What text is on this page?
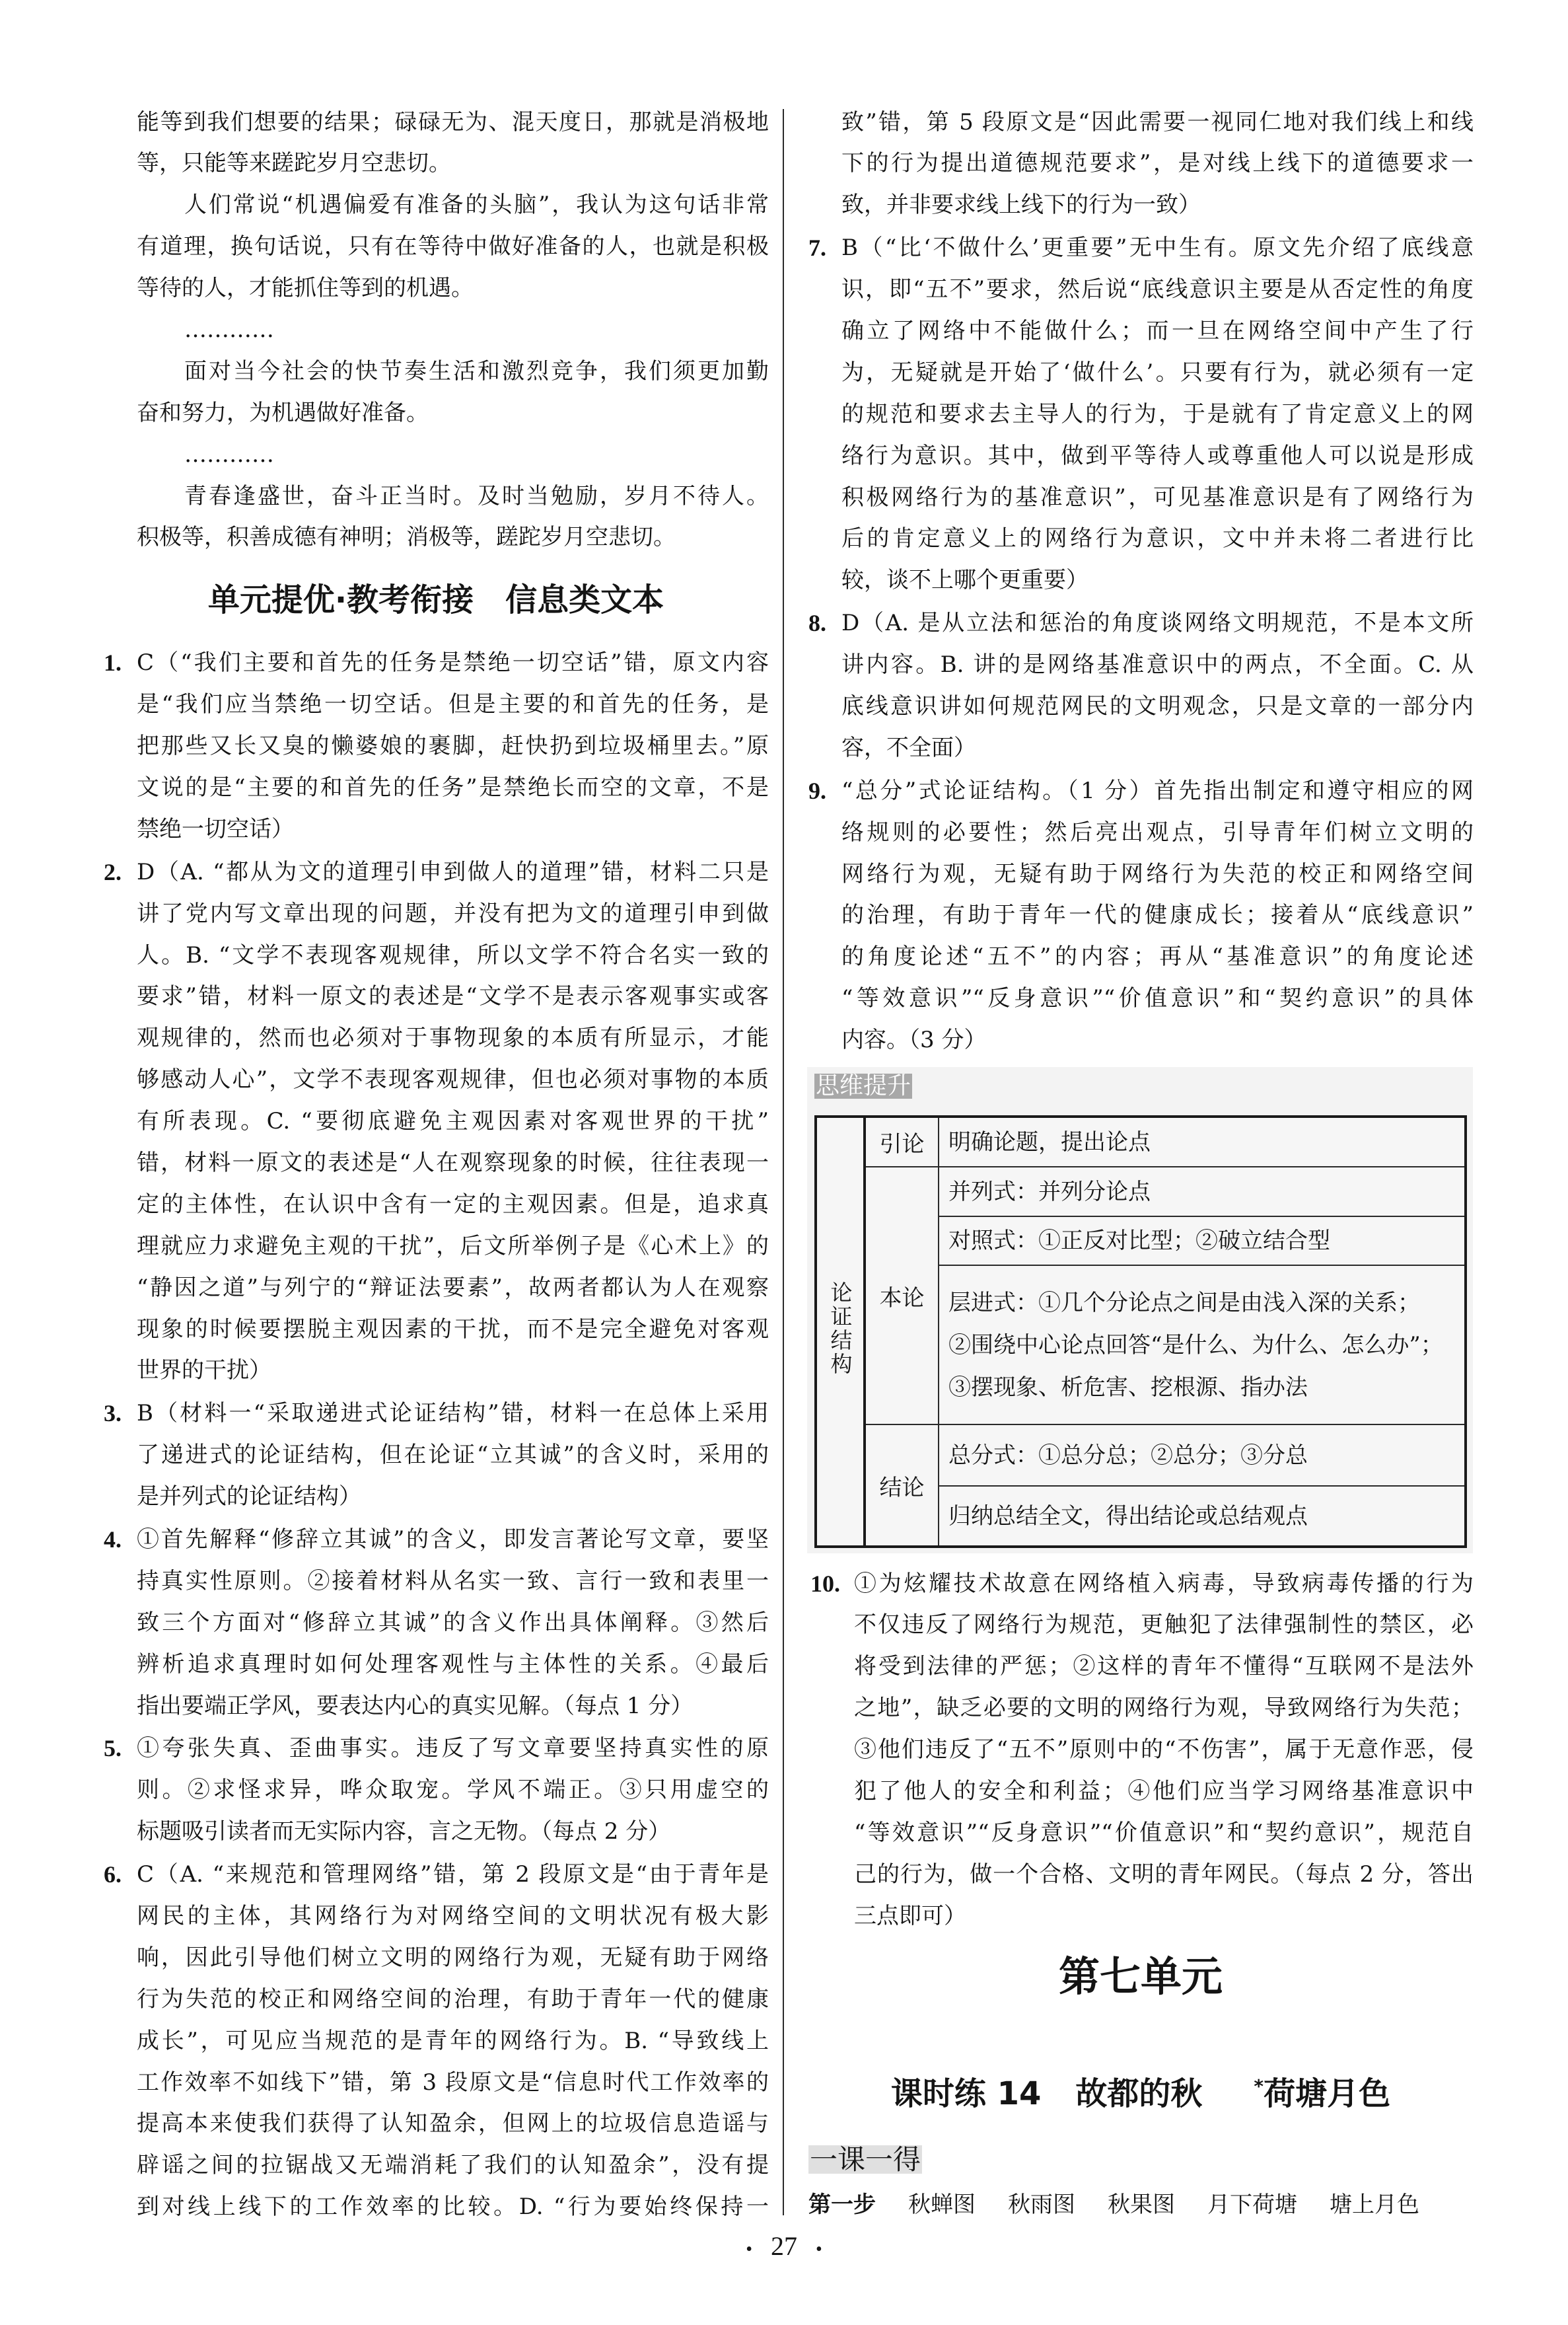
能等到我们想要的结果；碌碌无为、混天度日，那就是消极地
等，只能等来蹉跎岁月空悲切。
人们常说“机遇偏爱有准备的头脑”，我认为这句话非常
有道理，换句话说，只有在等待中做好准备的人，也就是积极
等待的人，才能抓住等到的机遇。
…………
面对当今社会的快节奏生活和激烈竞争，我们须更加勤
奋和努力，为机遇做好准备。
…………
青春逢盛世，奋斗正当时。及时当勉励，岁月不待人。
积极等，积善成德有神明；消极等，蹉跎岁月空悲切。
单元提优·教考衔接　信息类文本
1. C（“我们主要和首先的任务是禁绝一切空话”错，原文内容
是“我们应当禁绝一切空话。但是主要的和首先的任务，是
把那些又长又臭的懒婆娘的裹脚，赶快扔到垃圾桶里去。”原
文说的是“主要的和首先的任务”是禁绝长而空的文章，不是
禁绝一切空话）
2. D（A. “都从为文的道理引申到做人的道理”错，材料二只是
讲了党内写文章出现的问题，并没有把为文的道理引申到做
人。B. “文学不表现客观规律，所以文学不符合名实一致的
要求”错，材料一原文的表述是“文学不是表示客观事实或客
观规律的，然而也必须对于事物现象的本质有所显示，才能
够感动人心”，文学不表现客观规律，但也必须对事物的本质
有所表现。C. “要彻底避免主观因素对客观世界的干扰”
错，材料一原文的表述是“人在观察现象的时候，往往表现一
定的主体性，在认识中含有一定的主观因素。但是，追求真
理就应力求避免主观的干扰”，后文所举例子是《心术上》的
“静因之道”与列宁的“辩证法要素”，故两者都认为人在观察
现象的时候要摆脱主观因素的干扰，而不是完全避免对客观
世界的干扰）
3. B（材料一“采取递进式论证结构”错，材料一在总体上采用
了递进式的论证结构，但在论证“立其诚”的含义时，采用的
是并列式的论证结构）
4. ①首先解释“修辞立其诚”的含义，即发言著论写文章，要坚
持真实性原则。②接着材料从名实一致、言行一致和表里一
致三个方面对“修辞立其诚”的含义作出具体阐释。③然后
辨析追求真理时如何处理客观性与主体性的关系。④最后
指出要端正学风，要表达内心的真实见解。（每点 1 分）
5. ①夸张失真、歪曲事实。违反了写文章要坚持真实性的原
则。②求怪求异，哗众取宠。学风不端正。③只用虚空的
标题吸引读者而无实际内容，言之无物。（每点 2 分）
6. C（A. “来规范和管理网络”错，第 2 段原文是“由于青年是
网民的主体，其网络行为对网络空间的文明状况有极大影
响，因此引导他们树立文明的网络行为观，无疑有助于网络
行为失范的校正和网络空间的治理，有助于青年一代的健康
成长”，可见应当规范的是青年的网络行为。B. “导致线上
工作效率不如线下”错，第 3 段原文是“信息时代工作效率的
提高本来使我们获得了认知盈余，但网上的垃圾信息造谣与
辟谣之间的拉锯战又无端消耗了我们的认知盈余”，没有提
到对线上线下的工作效率的比较。D. “行为要始终保持一
致”错，第 5 段原文是“因此需要一视同仁地对我们线上和线
下的行为提出道德规范要求”，是对线上线下的道德要求一
致，并非要求线上线下的行为一致）
7. B（“比‘不做什么’更重要”无中生有。原文先介绍了底线意
识，即“五不”要求，然后说“底线意识主要是从否定性的角度
确立了网络中不能做什么；而一旦在网络空间中产生了行
为，无疑就是开始了‘做什么’。只要有行为，就必须有一定
的规范和要求去主导人的行为，于是就有了肯定意义上的网
络行为意识。其中，做到平等待人或尊重他人可以说是形成
积极网络行为的基准意识”，可见基准意识是有了网络行为
后的肯定意义上的网络行为意识，文中并未将二者进行比
较，谈不上哪个更重要）
8. D（A. 是从立法和惩治的角度谈网络文明规范，不是本文所
讲内容。B. 讲的是网络基准意识中的两点，不全面。C. 从
底线意识讲如何规范网民的文明观念，只是文章的一部分内
容，不全面）
9. “总分”式论证结构。（1 分）首先指出制定和遵守相应的网
络规则的必要性；然后亮出观点，引导青年们树立文明的
网络行为观，无疑有助于网络行为失范的校正和网络空间
的治理，有助于青年一代的健康成长；接着从“底线意识”
的角度论述“五不”的内容；再从“基准意识”的角度论述
“等效意识”“反身意识”“价值意识”和“契约意识”的具体
内容。（3 分）
思维提升
论证结构	引论	明确论题，提出论点

	本论	并列式：并列分论点

		对照式：①正反对比型；②破立结合型

		层进式：①几个分论点之间是由浅入深的关系；
②围绕中心论点回答“是什么、为什么、怎么办”；
③摆现象、析危害、挖根源、指办法

	结论	总分式：①总分总；②总分；③分总

		归纳总结全文，得出结论或总结观点
10. ①为炫耀技术故意在网络植入病毒，导致病毒传播的行为
不仅违反了网络行为规范，更触犯了法律强制性的禁区，必
将受到法律的严惩；②这样的青年不懂得“互联网不是法外
之地”，缺乏必要的文明的网络行为观，导致网络行为失范；
③他们违反了“五不”原则中的“不伤害”，属于无意作恶，侵
犯了他人的安全和利益；④他们应当学习网络基准意识中
“等效意识”“反身意识”“价值意识”和“契约意识”，规范自
己的行为，做一个合格、文明的青年网民。（每点 2 分，答出
三点即可）
第七单元
课时练 14 故都的秋	*荷塘月色
一课一得
第一步 秋蝉图 秋雨图 秋果图 月下荷塘 塘上月色
• 27 •
